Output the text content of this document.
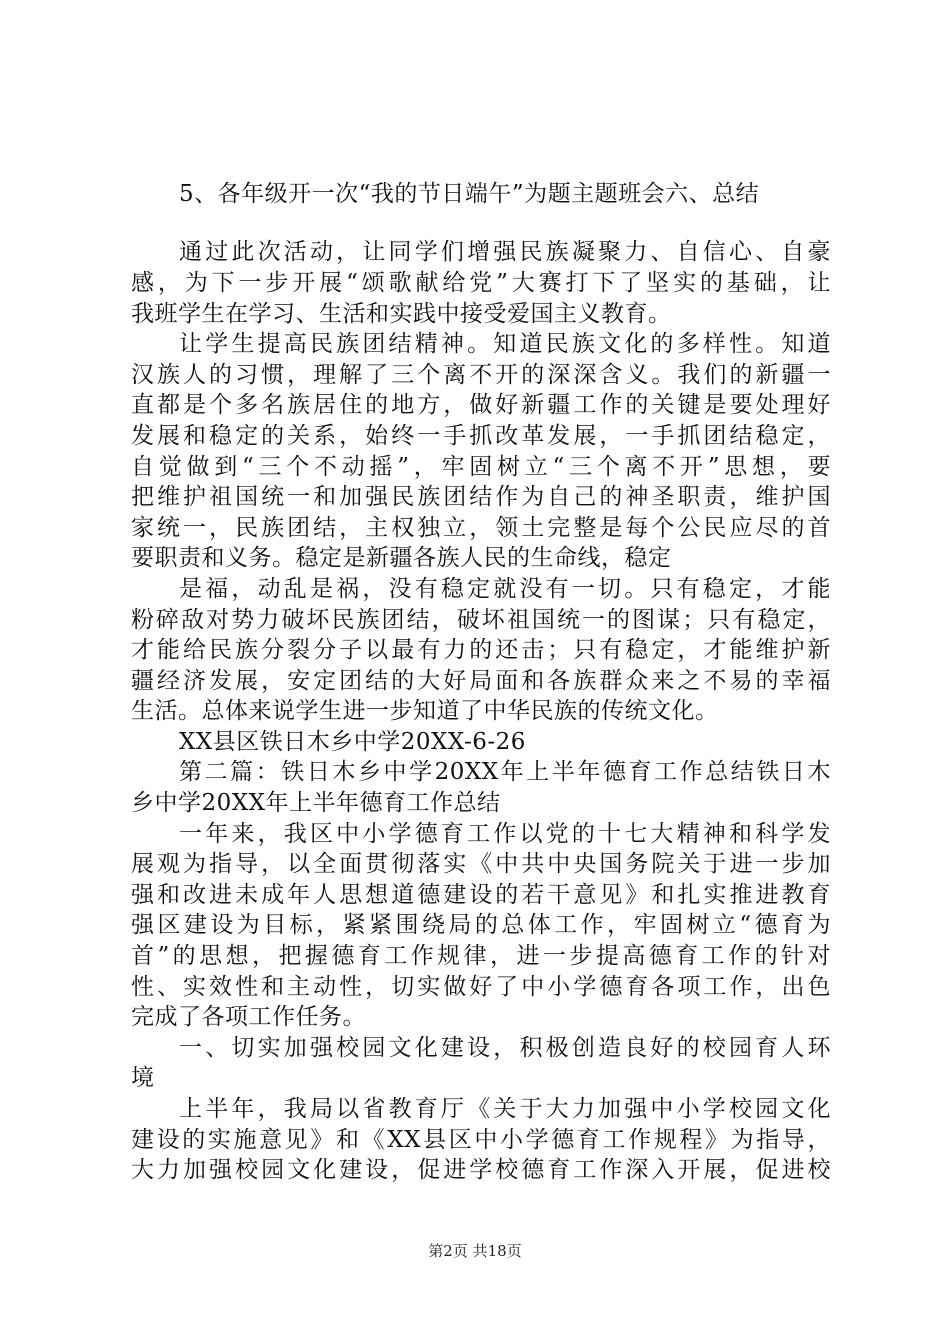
5、各年级开一次“我的节日端午”为题主题班会六、总结
通过此次活动，让同学们增强民族凝聚力、自信心、自豪
感，为下一步开展“颂歌献给党”大赛打下了坚实的基础，让
我班学生在学习、生活和实践中接受爱国主义教育。
让学生提高民族团结精神。知道民族文化的多样性。知道
汉族人的习惯，理解了三个离不开的深深含义。我们的新疆一
直都是个多名族居住的地方，做好新疆工作的关键是要处理好
发展和稳定的关系，始终一手抓改革发展，一手抓团结稳定，
自觉做到“三个不动摇”，牢固树立“三个离不开”思想，要
把维护祖国统一和加强民族团结作为自己的神圣职责，维护国
家统一，民族团结，主权独立，领土完整是每个公民应尽的首
要职责和义务。稳定是新疆各族人民的生命线，稳定
是福，动乱是祸，没有稳定就没有一切。只有稳定，才能
粉碎敌对势力破坏民族团结，破坏祖国统一的图谋；只有稳定，
才能给民族分裂分子以最有力的还击；只有稳定，才能维护新
疆经济发展，安定团结的大好局面和各族群众来之不易的幸福
生活。总体来说学生进一步知道了中华民族的传统文化。
XX县区铁日木乡中学20XX-6-26
第二篇：铁日木乡中学20XX年上半年德育工作总结铁日木
乡中学20XX年上半年德育工作总结
一年来，我区中小学德育工作以党的十七大精神和科学发
展观为指导，以全面贯彻落实《中共中央国务院关于进一步加
强和改进未成年人思想道德建设的若干意见》和扎实推进教育
强区建设为目标，紧紧围绕局的总体工作，牢固树立“德育为
首”的思想，把握德育工作规律，进一步提高德育工作的针对
性、实效性和主动性，切实做好了中小学德育各项工作，出色
完成了各项工作任务。
一、切实加强校园文化建设，积极创造良好的校园育人环
境
上半年，我局以省教育厅《关于大力加强中小学校园文化
建设的实施意见》和《XX县区中小学德育工作规程》为指导，
大力加强校园文化建设，促进学校德育工作深入开展，促进校
第2页 共18页
